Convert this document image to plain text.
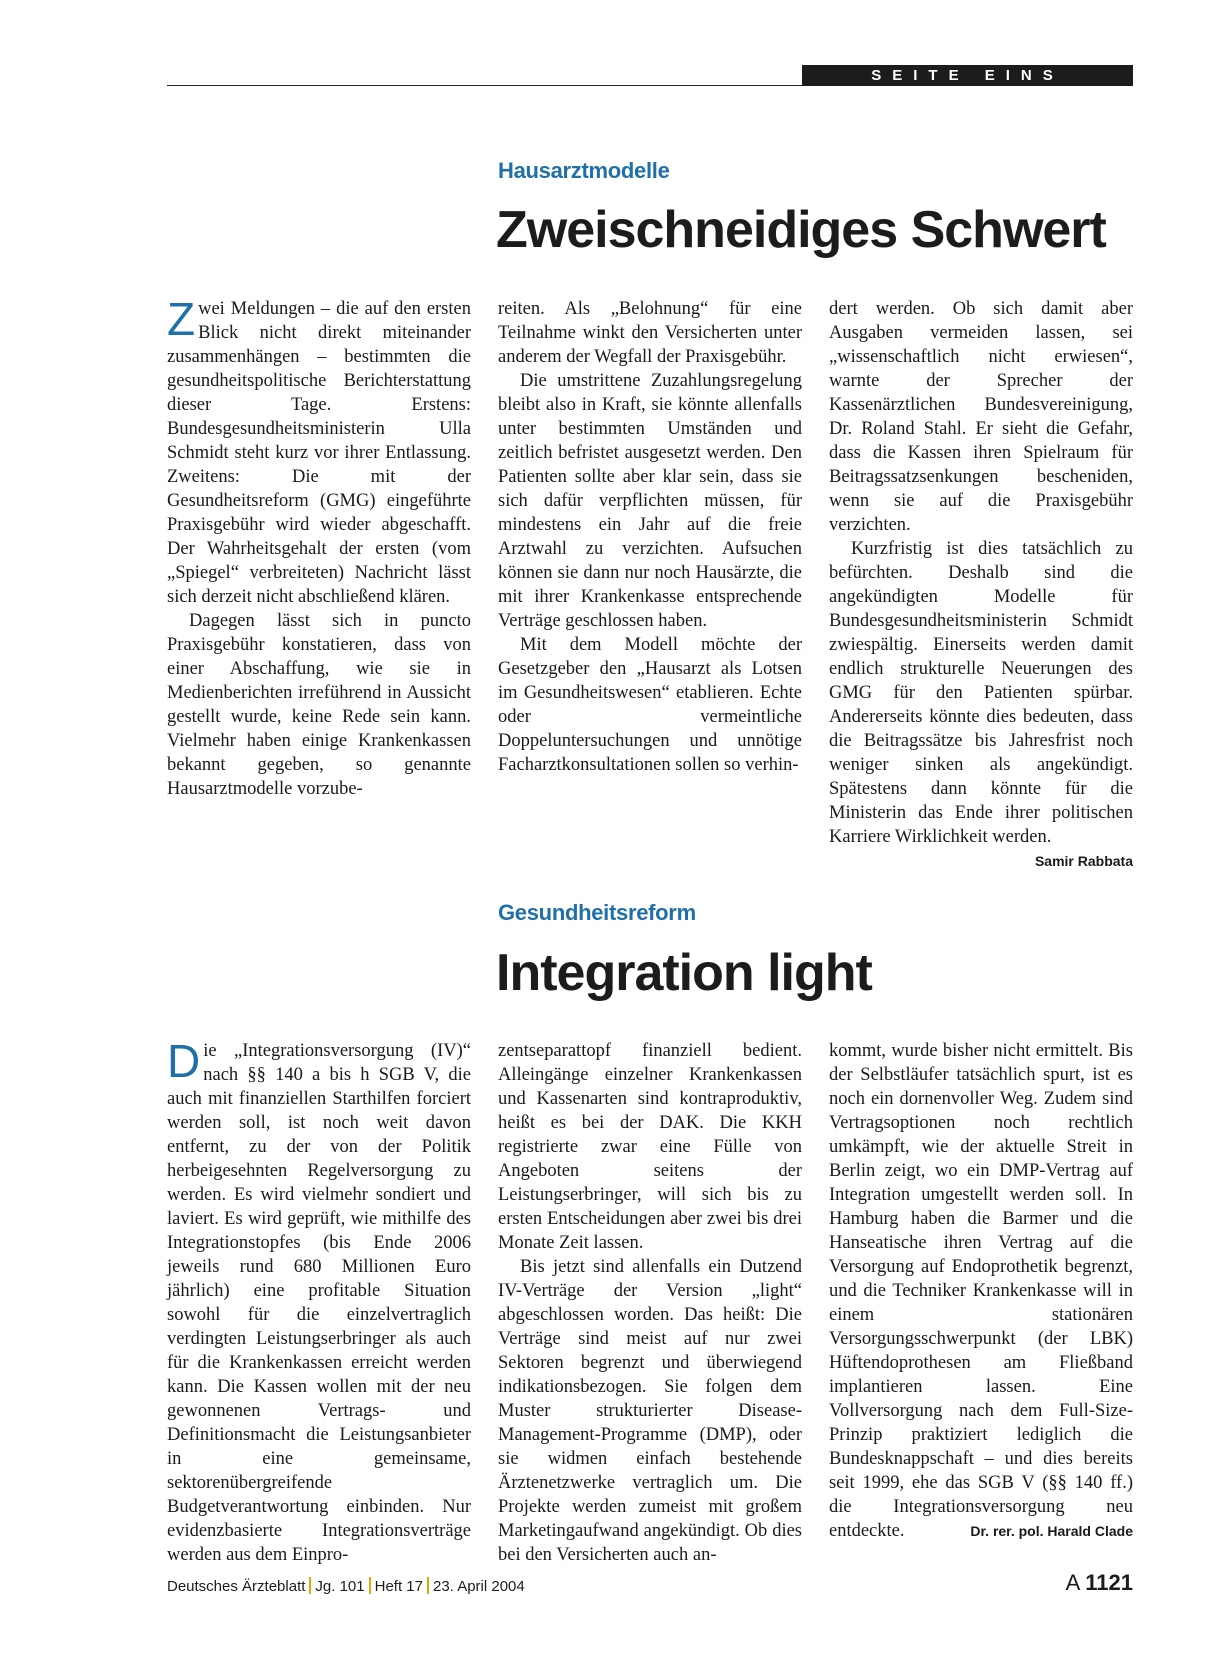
SEITE EINS
Hausarztmodelle
Zweischneidiges Schwert

Zwei Meldungen – die auf den ersten Blick nicht direkt miteinander zusammenhängen – bestimmten die gesundheitspolitische Berichterstattung dieser Tage. Erstens: Bundesgesundheitsministerin Ulla Schmidt steht kurz vor ihrer Entlassung. Zweitens: Die mit der Gesundheitsreform (GMG) eingeführte Praxisgebühr wird wieder abgeschafft. Der Wahrheitsgehalt der ersten (vom „Spiegel“ verbreiteten) Nachricht lässt sich derzeit nicht abschließend klären.

Dagegen lässt sich in puncto Praxisgebühr konstatieren, dass von einer Abschaffung, wie sie in Medienberichten irreführend in Aussicht gestellt wurde, keine Rede sein kann. Vielmehr haben einige Krankenkassen bekannt gegeben, so genannte Hausarztmodelle vorzube-

reiten. Als „Belohnung“ für eine Teilnahme winkt den Versicherten unter anderem der Wegfall der Praxisgebühr.

Die umstrittene Zuzahlungsregelung bleibt also in Kraft, sie könnte allenfalls unter bestimmten Umständen und zeitlich befristet ausgesetzt werden. Den Patienten sollte aber klar sein, dass sie sich dafür verpflichten müssen, für mindestens ein Jahr auf die freie Arztwahl zu verzichten. Aufsuchen können sie dann nur noch Hausärzte, die mit ihrer Krankenkasse entsprechende Verträge geschlossen haben.

Mit dem Modell möchte der Gesetzgeber den „Hausarzt als Lotsen im Gesundheitswesen“ etablieren. Echte oder vermeintliche Doppeluntersuchungen und unnötige Facharztkonsultationen sollen so verhin-

dert werden. Ob sich damit aber Ausgaben vermeiden lassen, sei „wissenschaftlich nicht erwiesen“, warnte der Sprecher der Kassenärztlichen Bundesvereinigung, Dr. Roland Stahl. Er sieht die Gefahr, dass die Kassen ihren Spielraum für Beitragssatzsenkungen bescheniden, wenn sie auf die Praxisgebühr verzichten.

Kurzfristig ist dies tatsächlich zu befürchten. Deshalb sind die angekündigten Modelle für Bundesgesundheitsministerin Schmidt zwiespältig. Einerseits werden damit endlich strukturelle Neuerungen des GMG für den Patienten spürbar. Andererseits könnte dies bedeuten, dass die Beitragssätze bis Jahresfrist noch weniger sinken als angekündigt. Spätestens dann könnte für die Ministerin das Ende ihrer politischen Karriere Wirklichkeit werden.
Samir Rabbata

Gesundheitsreform
Integration light

Die „Integrationsversorgung (IV)“ nach §§ 140 a bis h SGB V, die auch mit finanziellen Starthilfen forciert werden soll, ist noch weit davon entfernt, zu der von der Politik herbeigesehnten Regelversorgung zu werden. Es wird vielmehr sondiert und laviert. Es wird geprüft, wie mithilfe des Integrationstopfes (bis Ende 2006 jeweils rund 680 Millionen Euro jährlich) eine profitable Situation sowohl für die einzelvertraglich verdingten Leistungserbringer als auch für die Krankenkassen erreicht werden kann. Die Kassen wollen mit der neu gewonnenen Vertrags- und Definitionsmacht die Leistungsanbieter in eine gemeinsame, sektorenübergreifende Budgetverantwortung einbinden. Nur evidenzbasierte Integrationsverträge werden aus dem Einpro-

zentseparattopf finanziell bedient. Alleingänge einzelner Krankenkassen und Kassenarten sind kontraproduktiv, heißt es bei der DAK. Die KKH registrierte zwar eine Fülle von Angeboten seitens der Leistungserbringer, will sich bis zu ersten Entscheidungen aber zwei bis drei Monate Zeit lassen.

Bis jetzt sind allenfalls ein Dutzend IV-Verträge der Version „light“ abgeschlossen worden. Das heißt: Die Verträge sind meist auf nur zwei Sektoren begrenzt und überwiegend indikationsbezogen. Sie folgen dem Muster strukturierter Disease-Management-Programme (DMP), oder sie widmen einfach bestehende Ärztenetzwerke vertraglich um. Die Projekte werden zumeist mit großem Marketingaufwand angekündigt. Ob dies bei den Versicherten auch an-

kommt, wurde bisher nicht ermittelt. Bis der Selbstläufer tatsächlich spurt, ist es noch ein dornenvoller Weg. Zudem sind Vertragsoptionen noch rechtlich umkämpft, wie der aktuelle Streit in Berlin zeigt, wo ein DMP-Vertrag auf Integration umgestellt werden soll. In Hamburg haben die Barmer und die Hanseatische ihren Vertrag auf die Versorgung auf Endoprothetik begrenzt, und die Techniker Krankenkasse will in einem stationären Versorgungsschwerpunkt (der LBK) Hüftendoprothesen am Fließband implantieren lassen. Eine Vollversorgung nach dem Full-Size-Prinzip praktiziert lediglich die Bundesknappschaft – und dies bereits seit 1999, ehe das SGB V (§§ 140 ff.) die Integrationsversorgung neu entdeckte.	Dr. rer. pol. Harald Clade

Deutsches Ärzteblatt Jg. 101 Heft 17 23. April 2004	A 1121
